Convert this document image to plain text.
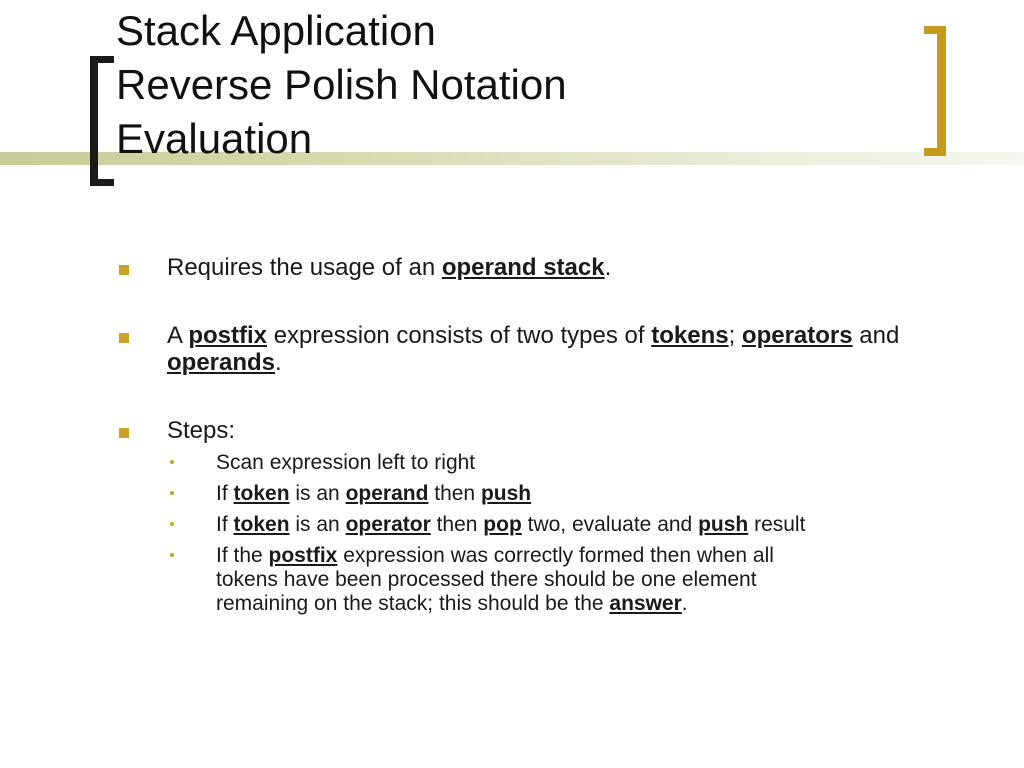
Stack Application
Reverse Polish Notation
Evaluation
Requires the usage of an operand stack.
A postfix expression consists of two types of tokens; operators and operands.
Steps:
Scan expression left to right
If token is an operand then push
If token is an operator then pop two, evaluate and push result
If the postfix expression was correctly formed then when all tokens have been processed there should be one element remaining on the stack; this should be the answer.
